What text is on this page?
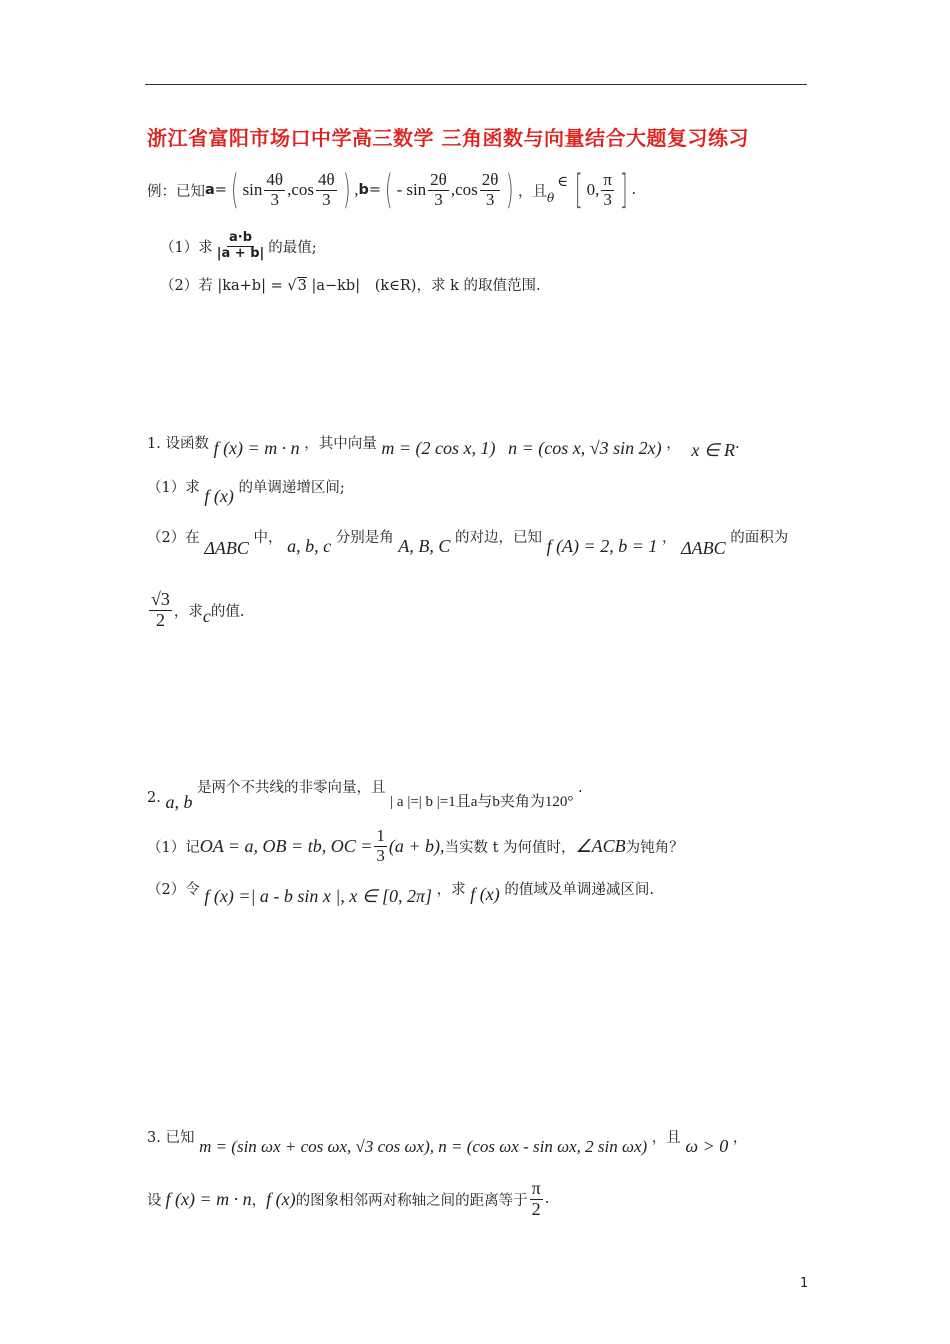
浙江省富阳市场口中学高三数学 三角函数与向量结合大题复习练习
例：已知 a = ( $\sin \frac{4\theta}{3}$ , $\cos \frac{4\theta}{3}$ ) , b = ( - $\sin \frac{2\theta}{3}$ , $\cos \frac{2\theta}{3}$ ) ，且 θ
∈ [ 0, $\frac{\pi}{3}$ ] .
（1）求 $\frac{a\cdot b}{|a + b|}$ 的最值;
（2）若 |ka+b| = √3 |a−kb| (k∈R)，求 k 的取值范围.
1. 设函数 f (x) = m · n ，其中向量 m = (2 cos x, 1) n = (cos x, √3 sin 2x) ， x ∈ R.
（1）求 f (x) 的单调递增区间;
（2）在 ΔABC 中， a, b, c 分别是角 A, B, C 的对边，已知 f (A) = 2, b = 1 ， ΔABC 的面积为
$\frac{√3}{2}$ ，求 c 的值.
2. a, b 是两个不共线的非零向量，且 | a |=| b |=1且a与b夹角为120° .
（1）记 OA = a, OB = tb, OC = $\frac{1}{3} (a + b)$, 当实数 t 为何值时， ∠ACB 为钝角？
（2）令 f (x) =| a - b sin x |, x ∈ [0, 2π] ，求 f (x) 的值域及单调递减区间.
3. 已知 m = (sin ωx + cos ωx, √3 cos ωx), n = (cos ωx - sin ωx, 2 sin ωx) ，且 ω > 0 ，
设 f (x) = m · n ， f (x) 的图象相邻两对称轴之间的距离等于 $\frac{\pi}{2}$ .
1
